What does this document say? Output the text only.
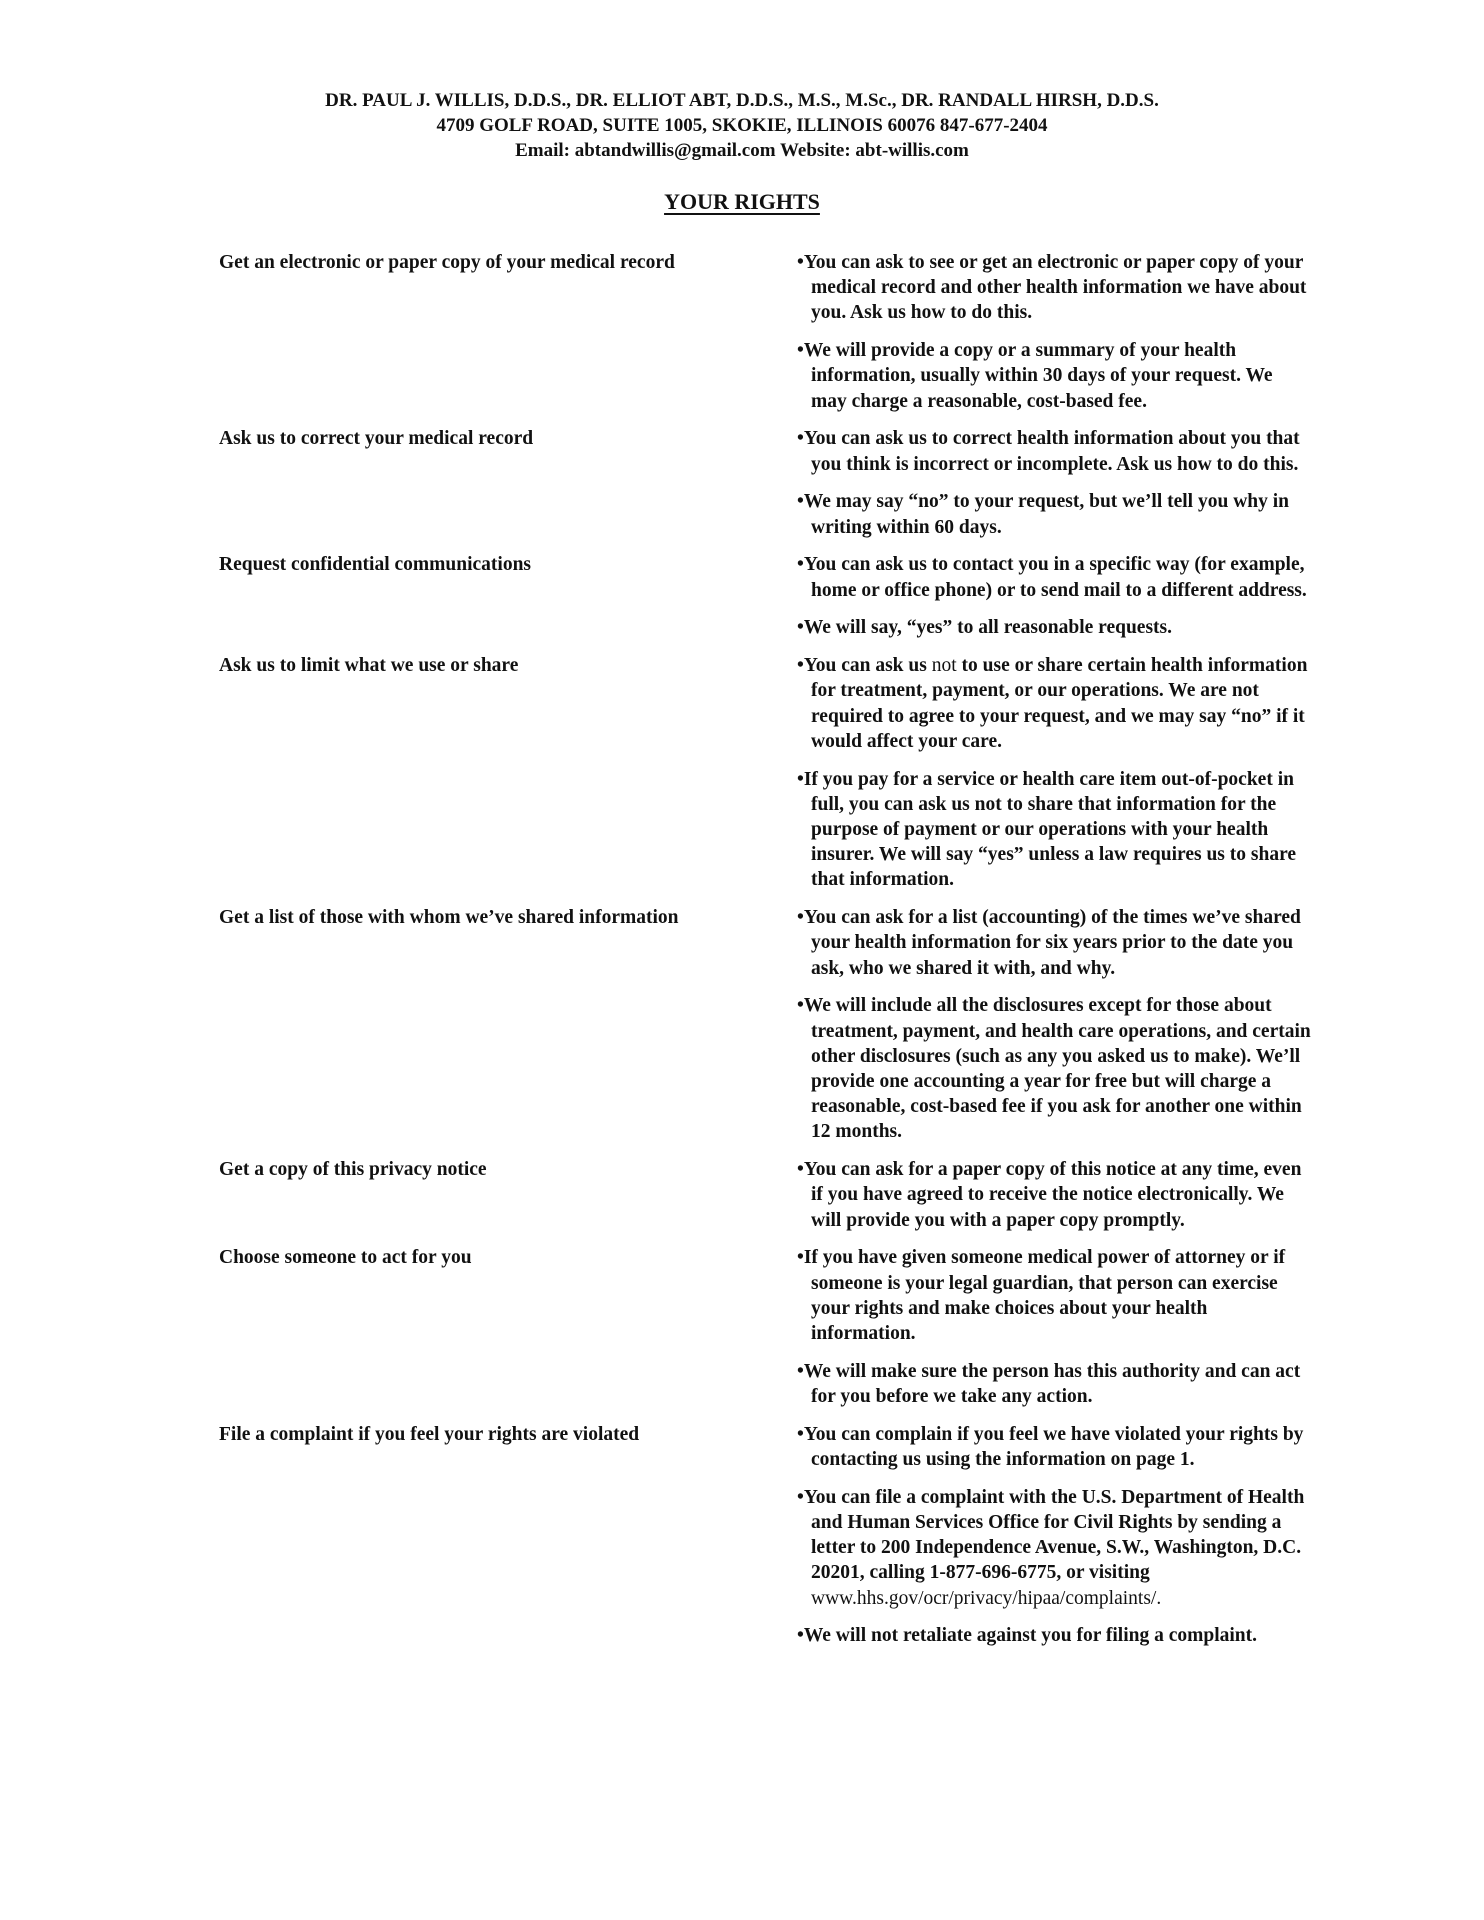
DR. PAUL J. WILLIS, D.D.S., DR. ELLIOT ABT, D.D.S., M.S., M.Sc., DR. RANDALL HIRSH, D.D.S.
4709 GOLF ROAD, SUITE 1005, SKOKIE, ILLINOIS 60076 847-677-2404
Email: abtandwillis@gmail.com Website: abt-willis.com
YOUR RIGHTS
Get an electronic or paper copy of your medical record	•You can ask to see or get an electronic or paper copy of your
medical record and other health information we have about
you. Ask us how to do this.
•We will provide a copy or a summary of your health
information, usually within 30 days of your request. We
may charge a reasonable, cost-based fee.
Ask us to correct your medical record	•You can ask us to correct health information about you that
you think is incorrect or incomplete. Ask us how to do this.
•We may say “no” to your request, but we’ll tell you why in
writing within 60 days.
Request confidential communications	•You can ask us to contact you in a specific way (for example,
home or office phone) or to send mail to a different address.
•We will say, “yes” to all reasonable requests.
Ask us to limit what we use or share	•You can ask us not to use or share certain health information
for treatment, payment, or our operations. We are not
required to agree to your request, and we may say “no” if it
would affect your care.
•If you pay for a service or health care item out-of-pocket in
full, you can ask us not to share that information for the
purpose of payment or our operations with your health
insurer. We will say “yes” unless a law requires us to share
that information.
Get a list of those with whom we’ve shared information	•You can ask for a list (accounting) of the times we’ve shared
your health information for six years prior to the date you
ask, who we shared it with, and why.
•We will include all the disclosures except for those about
treatment, payment, and health care operations, and certain
other disclosures (such as any you asked us to make). We’ll
provide one accounting a year for free but will charge a
reasonable, cost-based fee if you ask for another one within
12 months.
Get a copy of this privacy notice	•You can ask for a paper copy of this notice at any time, even
if you have agreed to receive the notice electronically. We
will provide you with a paper copy promptly.
Choose someone to act for you	•If you have given someone medical power of attorney or if
someone is your legal guardian, that person can exercise
your rights and make choices about your health
information.
•We will make sure the person has this authority and can act
for you before we take any action.
File a complaint if you feel your rights are violated	•You can complain if you feel we have violated your rights by
contacting us using the information on page 1.
•You can file a complaint with the U.S. Department of Health
and Human Services Office for Civil Rights by sending a
letter to 200 Independence Avenue, S.W., Washington, D.C.
20201, calling 1-877-696-6775, or visiting
www.hhs.gov/ocr/privacy/hipaa/complaints/.
•We will not retaliate against you for filing a complaint.
